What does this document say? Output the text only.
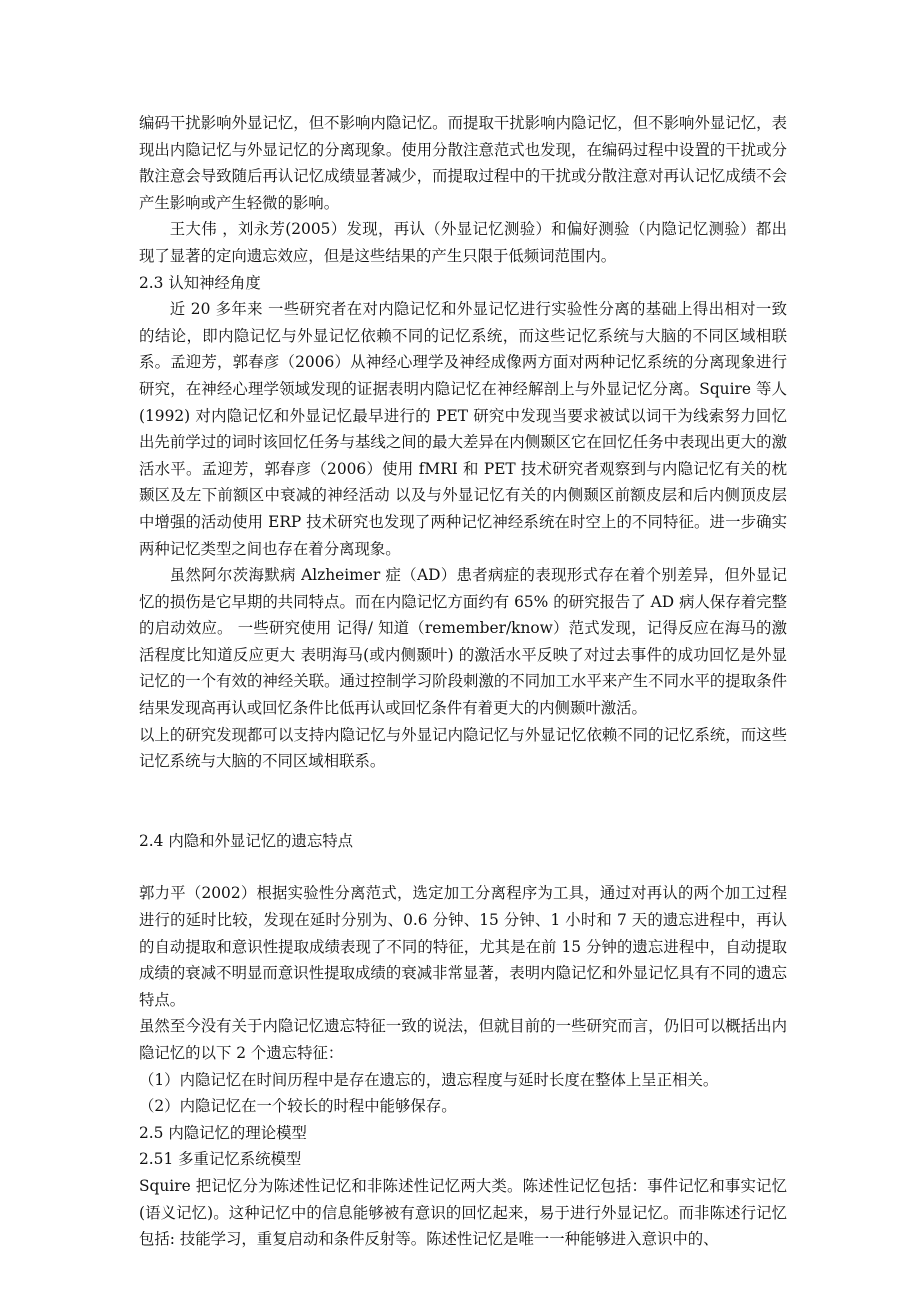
编码干扰影响外显记忆，但不影响内隐记忆。而提取干扰影响内隐记忆，但不影响外显记忆，表现出内隐记忆与外显记忆的分离现象。使用分散注意范式也发现，在编码过程中设置的干扰或分散注意会导致随后再认记忆成绩显著减少，而提取过程中的干扰或分散注意对再认记忆成绩不会产生影响或产生轻微的影响。

王大伟 ，刘永芳(2005）发现，再认（外显记忆测验）和偏好测验（内隐记忆测验）都出现了显著的定向遗忘效应，但是这些结果的产生只限于低频词范围内。

2.3 认知神经角度

近 20 多年来 一些研究者在对内隐记忆和外显记忆进行实验性分离的基础上得出相对一致的结论，即内隐记忆与外显记忆依赖不同的记忆系统，而这些记忆系统与大脑的不同区域相联系。孟迎芳，郭春彦（2006）从神经心理学及神经成像两方面对两种记忆系统的分离现象进行研究，在神经心理学领域发现的证据表明内隐记忆在神经解剖上与外显记忆分离。Squire 等人(1992) 对内隐记忆和外显记忆最早进行的 PET 研究中发现当要求被试以词干为线索努力回忆出先前学过的词时该回忆任务与基线之间的最大差异在内侧颞区它在回忆任务中表现出更大的激活水平。孟迎芳，郭春彦（2006）使用 fMRI 和 PET 技术研究者观察到与内隐记忆有关的枕颞区及左下前额区中衰减的神经活动 以及与外显记忆有关的内侧颞区前额皮层和后内侧顶皮层中增强的活动使用 ERP 技术研究也发现了两种记忆神经系统在时空上的不同特征。进一步确实两种记忆类型之间也存在着分离现象。

虽然阿尔茨海默病 Alzheimer 症（AD）患者病症的表现形式存在着个别差异，但外显记忆的损伤是它早期的共同特点。而在内隐记忆方面约有 65% 的研究报告了 AD 病人保存着完整的启动效应。 一些研究使用 记得/ 知道（remember/know）范式发现，记得反应在海马的激活程度比知道反应更大 表明海马(或内侧颞叶) 的激活水平反映了对过去事件的成功回忆是外显记忆的一个有效的神经关联。通过控制学习阶段刺激的不同加工水平来产生不同水平的提取条件结果发现高再认或回忆条件比低再认或回忆条件有着更大的内侧颞叶激活。

以上的研究发现都可以支持内隐记忆与外显记内隐记忆与外显记忆依赖不同的记忆系统，而这些记忆系统与大脑的不同区域相联系。

2.4 内隐和外显记忆的遗忘特点

郭力平（2002）根据实验性分离范式，选定加工分离程序为工具，通过对再认的两个加工过程进行的延时比较，发现在延时分别为、0.6 分钟、15 分钟、1 小时和 7 天的遗忘进程中，再认的自动提取和意识性提取成绩表现了不同的特征，尤其是在前 15 分钟的遗忘进程中，自动提取成绩的衰减不明显而意识性提取成绩的衰减非常显著，表明内隐记忆和外显记忆具有不同的遗忘特点。

虽然至今没有关于内隐记忆遗忘特征一致的说法，但就目前的一些研究而言，仍旧可以概括出内隐记忆的以下 2 个遗忘特征：

（1）内隐记忆在时间历程中是存在遗忘的，遗忘程度与延时长度在整体上呈正相关。

（2）内隐记忆在一个较长的时程中能够保存。

2.5 内隐记忆的理论模型

2.51 多重记忆系统模型

Squire 把记忆分为陈述性记忆和非陈述性记忆两大类。陈述性记忆包括：事件记忆和事实记忆(语义记忆)。这种记忆中的信息能够被有意识的回忆起来，易于进行外显记忆。而非陈述行记忆包括: 技能学习，重复启动和条件反射等。陈述性记忆是唯一一种能够进入意识中的、
